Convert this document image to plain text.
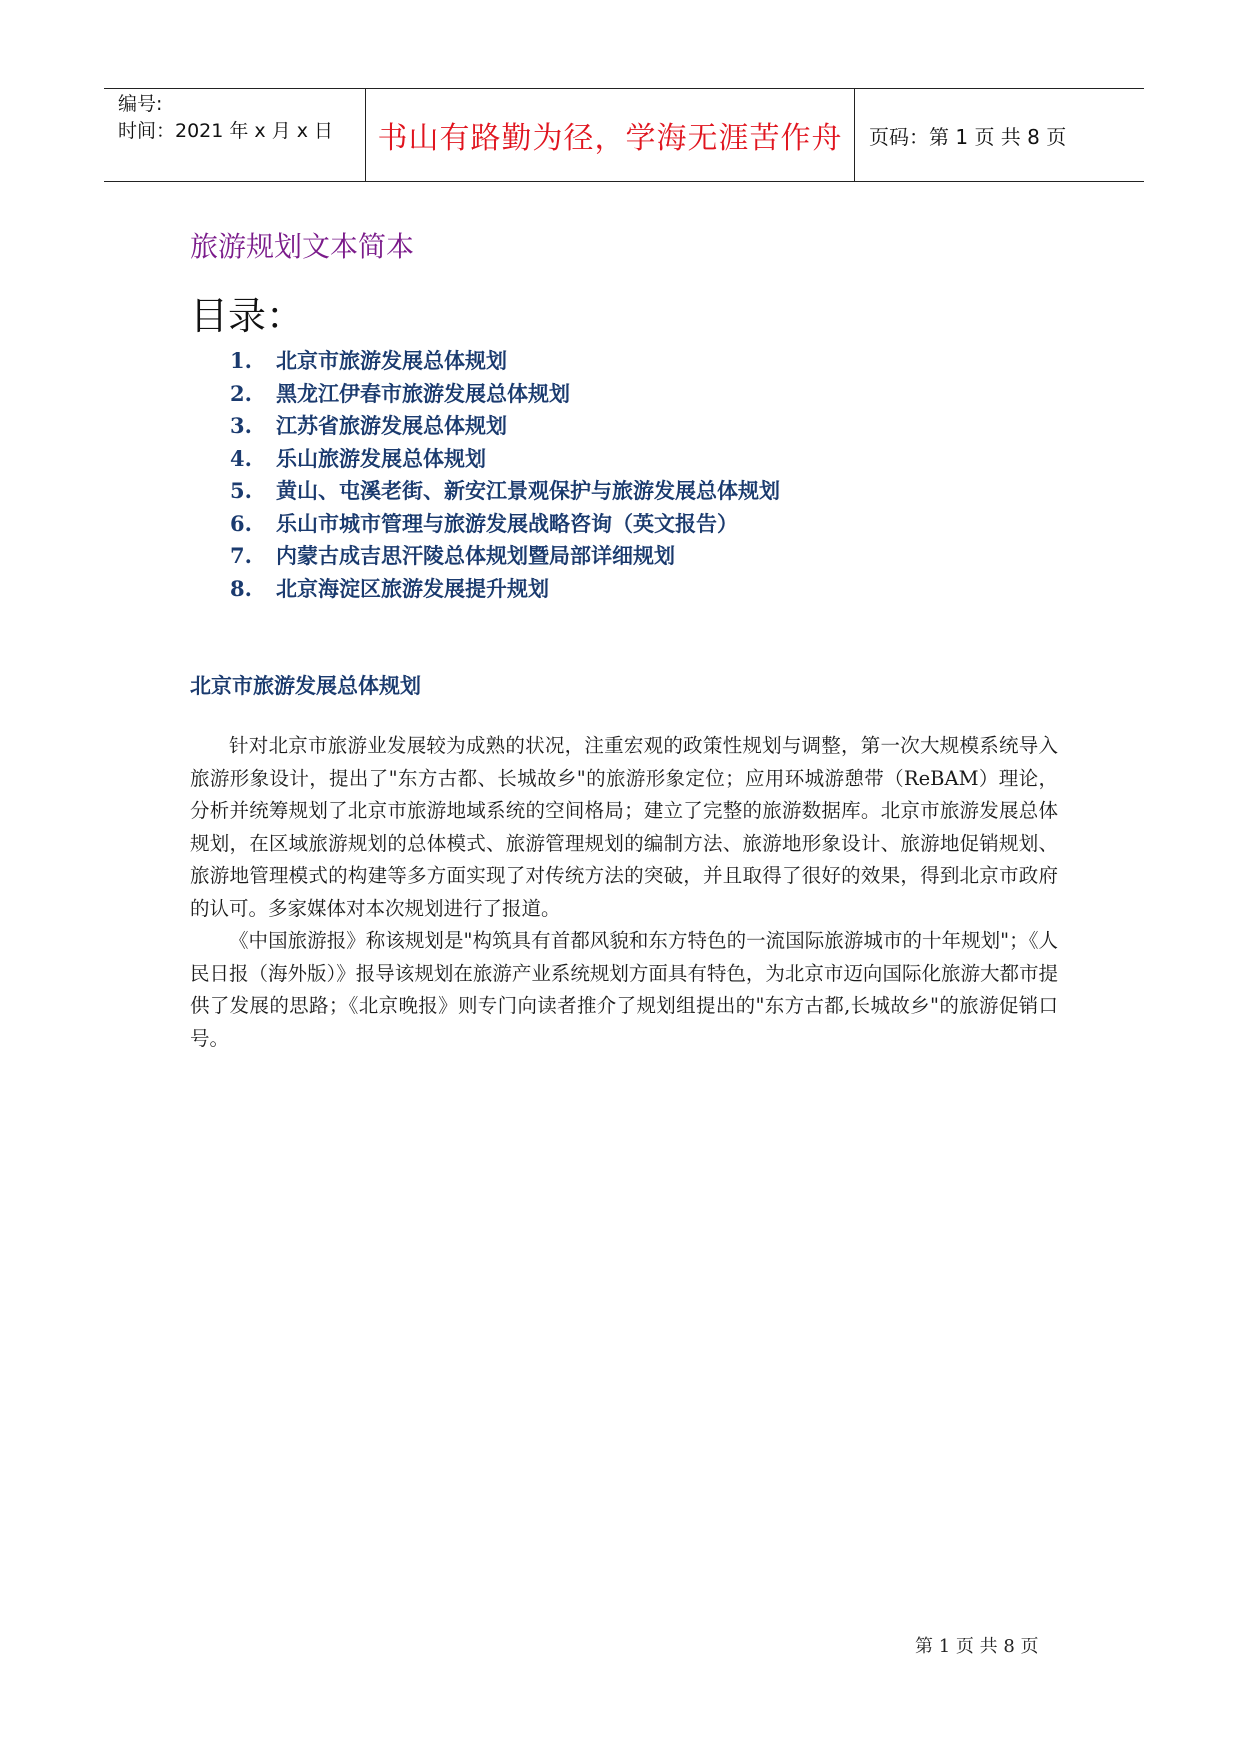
编号:
时间：2021 年 x 月 x 日	书山有路勤为径，学海无涯苦作舟	页码：第 1 页 共 8 页
旅游规划文本简本
目录：
1.	北京市旅游发展总体规划
2.	黑龙江伊春市旅游发展总体规划
3.	江苏省旅游发展总体规划
4.	乐山旅游发展总体规划
5.	黄山、屯溪老街、新安江景观保护与旅游发展总体规划
6.	乐山市城市管理与旅游发展战略咨询（英文报告）
7.	内蒙古成吉思汗陵总体规划暨局部详细规划
8.	北京海淀区旅游发展提升规划
北京市旅游发展总体规划

针对北京市旅游业发展较为成熟的状况，注重宏观的政策性规划与调整，第一次大规模系统导入旅游形象设计，提出了"东方古都、长城故乡"的旅游形象定位；应用环城游憩带（ReBAM）理论，分析并统筹规划了北京市旅游地域系统的空间格局；建立了完整的旅游数据库。北京市旅游发展总体规划，在区域旅游规划的总体模式、旅游管理规划的编制方法、旅游地形象设计、旅游地促销规划、旅游地管理模式的构建等多方面实现了对传统方法的突破，并且取得了很好的效果，得到北京市政府的认可。多家媒体对本次规划进行了报道。

《中国旅游报》称该规划是"构筑具有首都风貌和东方特色的一流国际旅游城市的十年规划"；《人民日报（海外版）》报导该规划在旅游产业系统规划方面具有特色，为北京市迈向国际化旅游大都市提供了发展的思路；《北京晚报》则专门向读者推介了规划组提出的"东方古都,长城故乡"的旅游促销口号。

第 1 页 共 8 页
